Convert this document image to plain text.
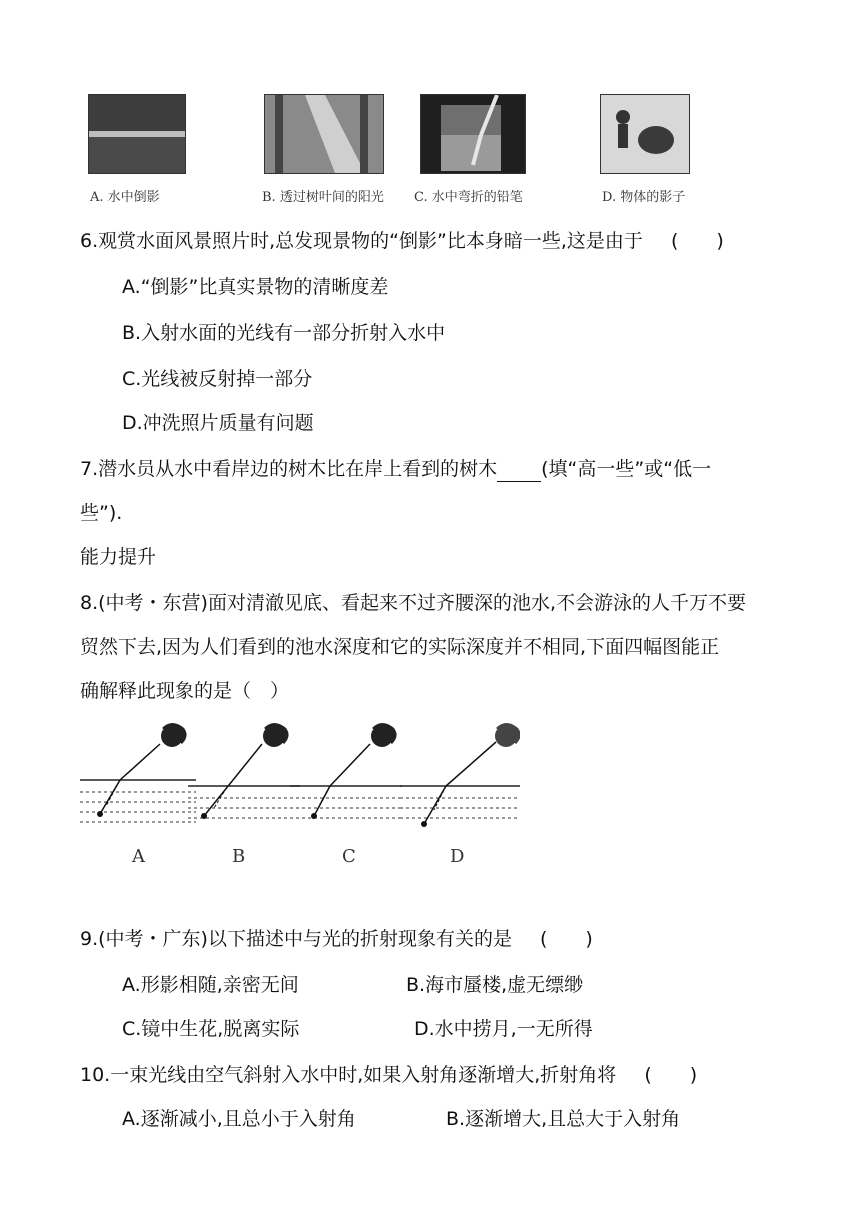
A. 水中倒影	B. 透过树叶间的阳光 C. 水中弯折的铅笔	D. 物体的影子
6.观赏水面风景照片时,总发现景物的“倒影”比本身暗一些,这是由于 (　　)
A.“倒影”比真实景物的清晰度差
B.入射水面的光线有一部分折射入水中
C.光线被反射掉一部分
D.冲洗照片质量有问题
7.潜水员从水中看岸边的树木比在岸上看到的树木 (填“高一些”或“低一
些”).
能力提升
8.(中考・东营)面对清澈见底、看起来不过齐腰深的池水,不会游泳的人千万不要
贸然下去,因为人们看到的池水深度和它的实际深度并不相同,下面四幅图能正
确解释此现象的是（　）
A	B	C	D
9.(中考・广东)以下描述中与光的折射现象有关的是 (　　)
A.形影相随,亲密无间	B.海市蜃楼,虚无缥缈
C.镜中生花,脱离实际	D.水中捞月,一无所得
10.一束光线由空气斜射入水中时,如果入射角逐渐增大,折射角将 (　　)
A.逐渐减小,且总小于入射角	B.逐渐增大,且总大于入射角
